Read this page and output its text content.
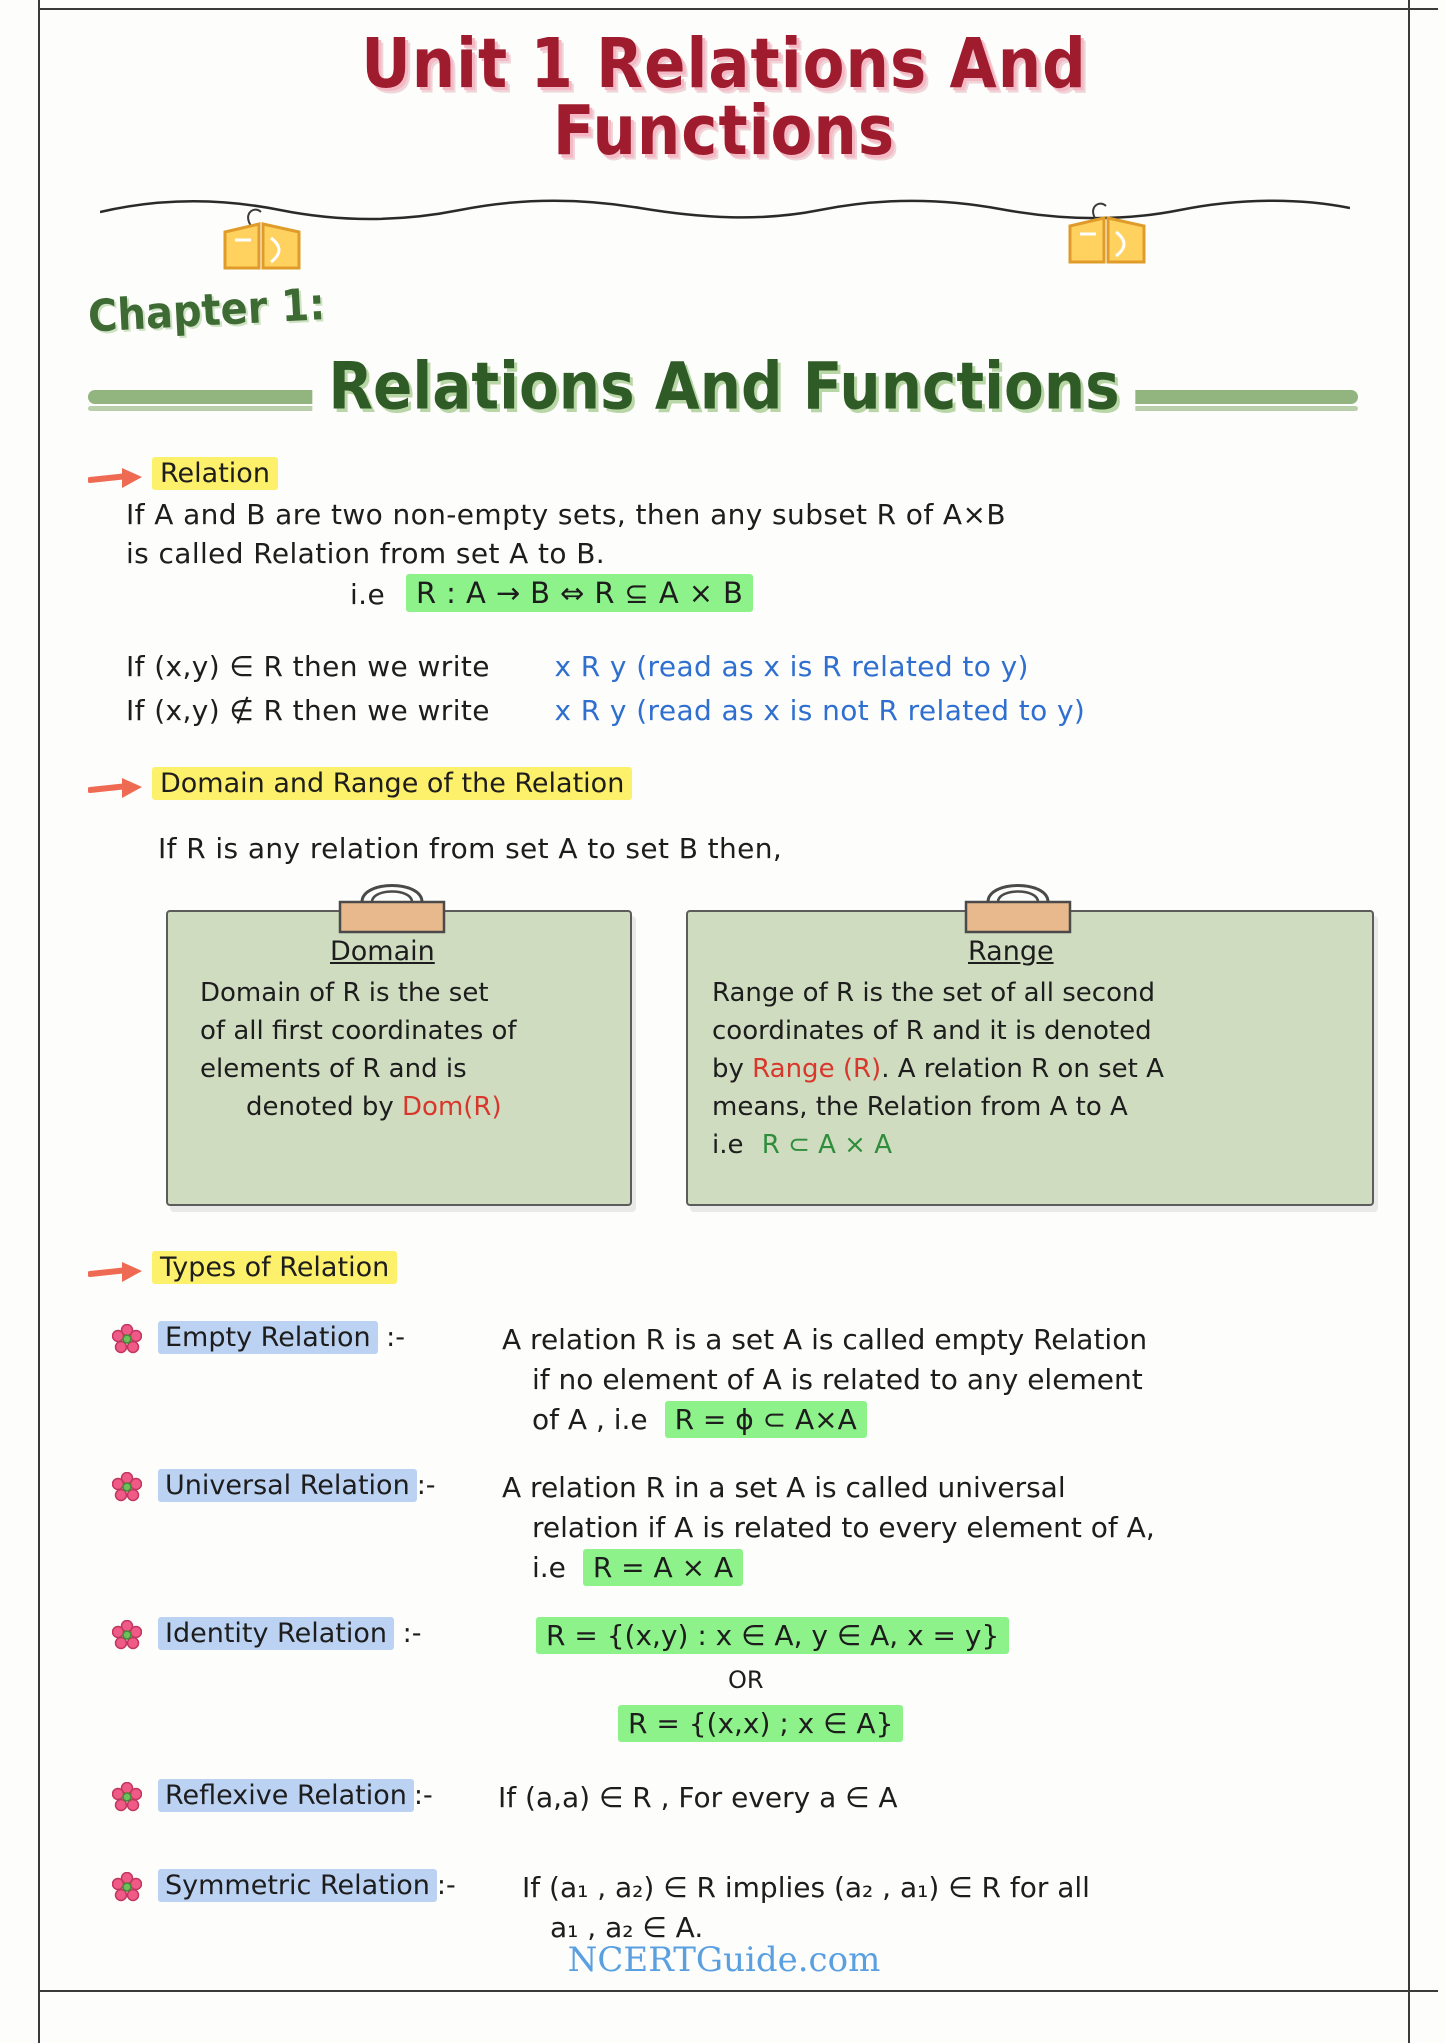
Unit 1 Relations And Functions
Chapter 1:
Relations And Functions
Relation
If A and B are two non-empty sets, then any subset R of A×B
is called Relation from set A to B.
i.e	R : A → B ⇔ R ⊆ A × B
If (x,y) ∈ R then we write x R y (read as x is R related to y)
If (x,y) ∉ R then we write x R y (read as x is not R related to y)
Domain and Range of the Relation
If R is any relation from set A to set B then,
Domain
Domain of R is the set
of all first coordinates of
elements of R and is
denoted by Dom(R)
Range
Range of R is the set of all second
coordinates of R and it is denoted
by Range (R). A relation R on set A
means, the Relation from A to A
i.e R ⊂ A × A
Types of Relation
Empty Relation :-	A relation R is a set A is called empty Relation
if no element of A is related to any element
of A , i.e R = ϕ ⊂ A×A
Universal Relation :- A relation R in a set A is called universal
relation if A is related to every element of A,
i.e R = A × A
Identity Relation :-	R = {(x,y) : x ∈ A, y ∈ A, x = y}
OR
R = {(x,x) ; x ∈ A}
Reflexive Relation :- If (a,a) ∈ R , For every a ∈ A
Symmetric Relation :- If (a₁ , a₂) ∈ R implies (a₂ , a₁) ∈ R for all
a₁ , a₂ ∈ A.
NCERTGuide.com
